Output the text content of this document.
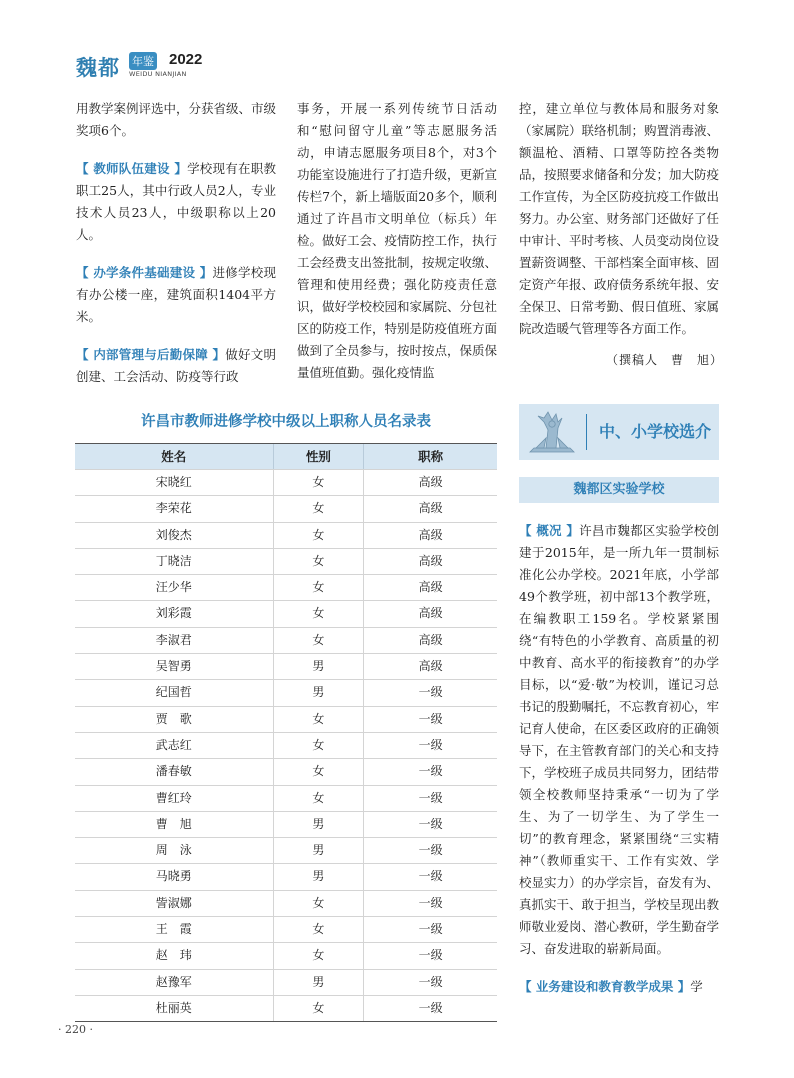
魏都 年鉴 2022
WEIDU NIANJIAN

用教学案例评选中，分获省级、市级奖项6个。

【 教师队伍建设 】学校现有在职教职工25人，其中行政人员2人，专业技术人员23人，中级职称以上20人。

【 办学条件基础建设 】进修学校现有办公楼一座，建筑面积1404平方米。

【 内部管理与后勤保障 】做好文明创建、工会活动、防疫等行政

事务，开展一系列传统节日活动和“慰问留守儿童”等志愿服务活动，申请志愿服务项目8个，对3个功能室设施进行了打造升级，更新宣传栏7个，新上墙版面20多个，顺利通过了许昌市文明单位（标兵）年检。做好工会、疫情防控工作，执行工会经费支出签批制，按规定收缴、管理和使用经费；强化防疫责任意识，做好学校校园和家属院、分包社区的防疫工作，特别是防疫值班方面做到了全员参与，按时按点，保质保量值班值勤。强化疫情监

控，建立单位与教体局和服务对象（家属院）联络机制；购置消毒液、额温枪、酒精、口罩等防控各类物品，按照要求储备和分发；加大防疫工作宣传，为全区防疫抗疫工作做出努力。办公室、财务部门还做好了任中审计、平时考核、人员变动岗位设置薪资调整、干部档案全面审核、固定资产年报、政府债务系统年报、安全保卫、日常考勤、假日值班、家属院改造暖气管理等各方面工作。

（撰稿人　曹　旭）
许昌市教师进修学校中级以上职称人员名录表
姓名	性别	职称
宋晓红	女	高级
李荣花	女	高级
刘俊杰	女	高级
丁晓洁	女	高级
汪少华	女	高级
刘彩霞	女	高级
李淑君	女	高级
吴智勇	男	高级
纪国哲	男	一级
贾　歌	女	一级
武志红	女	一级
潘春敏	女	一级
曹红玲	女	一级
曹　旭	男	一级
周　泳	男	一级
马晓勇	男	一级
訾淑娜	女	一级
王　霞	女	一级
赵　玮	女	一级
赵豫军	男	一级
杜丽英	女	一级
中、小学校选介
魏都区实验学校

【 概况 】许昌市魏都区实验学校创建于2015年，是一所九年一贯制标准化公办学校。2021年底，小学部49个教学班，初中部13个教学班，在编教职工159名。学校紧紧围绕“有特色的小学教育、高质量的初中教育、高水平的衔接教育”的办学目标，以“爱·敬”为校训，谨记习总书记的殷勤嘱托，不忘教育初心，牢记育人使命，在区委区政府的正确领导下，在主管教育部门的关心和支持下，学校班子成员共同努力，团结带领全校教师坚持秉承“一切为了学生、为了一切学生、为了学生一切”的教育理念，紧紧围绕“三实精神”（教师重实干、工作有实效、学校显实力）的办学宗旨，奋发有为、真抓实干、敢于担当，学校呈现出教师敬业爱岗、潜心教研，学生勤奋学习、奋发进取的崭新局面。

【 业务建设和教育教学成果 】学

· 220 ·
